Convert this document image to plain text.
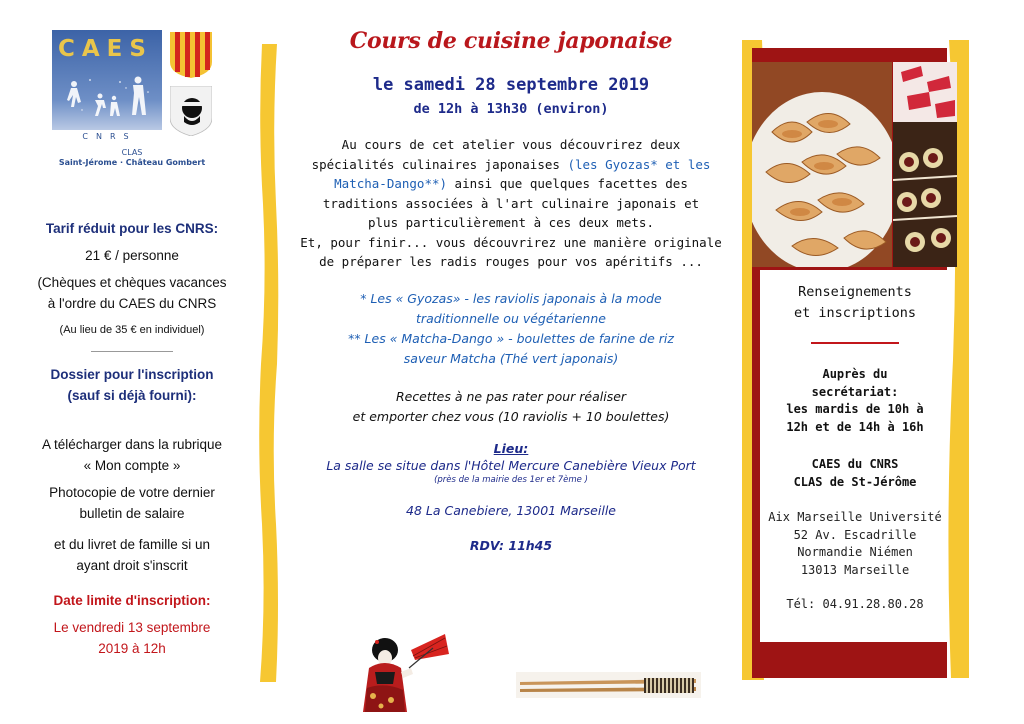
CAES
CNRS
CLAS
Saint-Jérome · Château Gombert
Tarif réduit pour les CNRS:
21 € / personne
(Chèques et chèques vacances
à l'ordre du CAES du CNRS
(Au lieu de 35 € en individuel)
Dossier pour l'inscription
(sauf si déjà fourni):
A télécharger dans la rubrique
« Mon compte »
Photocopie de votre dernier
bulletin de salaire
et du livret de famille si un
ayant droit s'inscrit
Date limite d'inscription:
Le vendredi 13 septembre
2019 à 12h
Cours de cuisine japonaise
le samedi 28 septembre 2019
de 12h à 13h30 (environ)
Au cours de cet atelier vous découvrirez deux
spécialités culinaires japonaises (les Gyozas* et les
Matcha-Dango**) ainsi que quelques facettes des
traditions associées à l'art culinaire japonais et
plus particulièrement à ces deux mets.
Et, pour finir... vous découvrirez une manière originale
de préparer les radis rouges pour vos apéritifs ...
* Les « Gyozas» - les raviolis japonais à la mode
traditionnelle ou végétarienne
** Les « Matcha-Dango » - boulettes de farine de riz
saveur Matcha (Thé vert japonais)
Recettes à ne pas rater pour réaliser
et emporter chez vous (10 raviolis + 10 boulettes)
Lieu:
La salle se situe dans l'Hôtel Mercure Canebière Vieux Port
(près de la mairie des 1er et 7ème )
48 La Canebiere, 13001 Marseille
RDV: 11h45
Renseignements
et inscriptions
Auprès du
secrétariat:
les mardis de 10h à
12h et de 14h à 16h
CAES du CNRS
CLAS de St-Jérôme
Aix Marseille Université
52 Av. Escadrille
Normandie Niémen
13013 Marseille
Tél: 04.91.28.80.28
